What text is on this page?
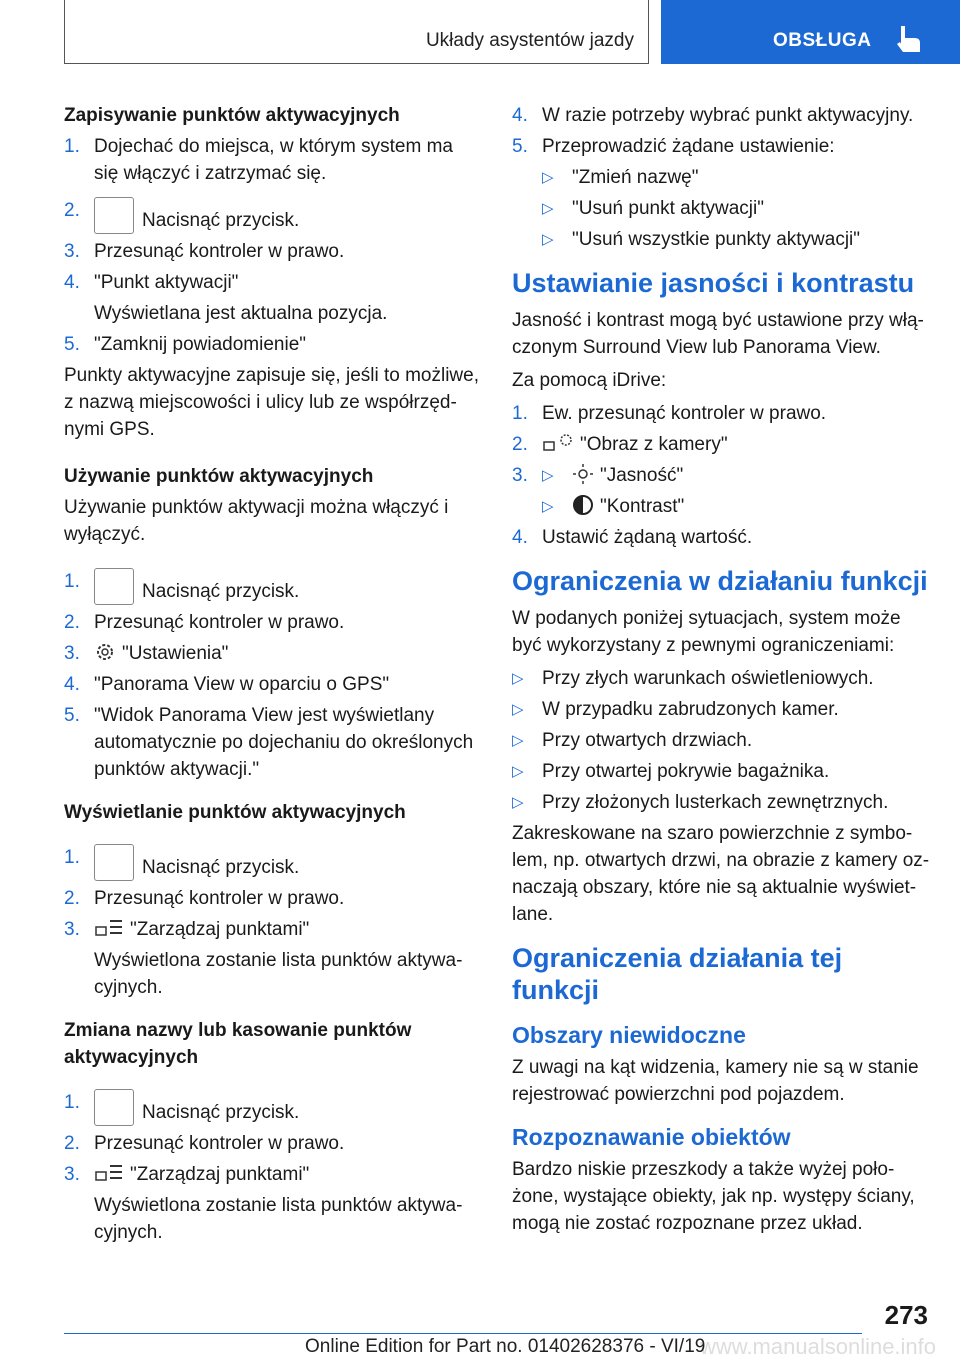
Układy asystentów jazdy	OBSŁUGA
Zapisywanie punktów aktywacyjnych
1. Dojechać do miejsca, w którym system ma się włączyć i zatrzymać się.
2.	Nacisnąć przycisk.
3. Przesunąć kontroler w prawo.
4. "Punkt aktywacji"
Wyświetlana jest aktualna pozycja.
5. "Zamknij powiadomienie"
Punkty aktywacyjne zapisuje się, jeśli to możliwe, z nazwą miejscowości i ulicy lub ze współrzędnymi GPS.
Używanie punktów aktywacyjnych
Używanie punktów aktywacji można włączyć i wyłączyć.
1.	Nacisnąć przycisk.
2. Przesunąć kontroler w prawo.
3.	"Ustawienia"
4. "Panorama View w oparciu o GPS"
5. "Widok Panorama View jest wyświetlany automatycznie po dojechaniu do określonych punktów aktywacji."
Wyświetlanie punktów aktywacyjnych
1.	Nacisnąć przycisk.
2. Przesunąć kontroler w prawo.
3.	"Zarządzaj punktami"
Wyświetlona zostanie lista punktów aktywacyjnych.
Zmiana nazwy lub kasowanie punktów aktywacyjnych
1.	Nacisnąć przycisk.
2. Przesunąć kontroler w prawo.
3.	"Zarządzaj punktami"
Wyświetlona zostanie lista punktów aktywacyjnych.
4. W razie potrzeby wybrać punkt aktywacyjny.
5. Przeprowadzić żądane ustawienie:
▷ "Zmień nazwę"
▷ "Usuń punkt aktywacji"
▷ "Usuń wszystkie punkty aktywacji"
Ustawianie jasności i kontrastu
Jasność i kontrast mogą być ustawione przy włączonym Surround View lub Panorama View.
Za pomocą iDrive:
1. Ew. przesunąć kontroler w prawo.
2.	"Obraz z kamery"
3. ▷	"Jasność"
▷	"Kontrast"
4. Ustawić żądaną wartość.
Ograniczenia w działaniu funkcji
W podanych poniżej sytuacjach, system może być wykorzystany z pewnymi ograniczeniami:
▷ Przy złych warunkach oświetleniowych.
▷ W przypadku zabrudzonych kamer.
▷ Przy otwartych drzwiach.
▷ Przy otwartej pokrywie bagażnika.
▷ Przy złożonych lusterkach zewnętrznych.
Zakreskowane na szaro powierzchnie z symbolem, np. otwartych drzwi, na obrazie z kamery oznaczają obszary, które nie są aktualnie wyświetlane.
Ograniczenia działania tej funkcji
Obszary niewidoczne
Z uwagi na kąt widzenia, kamery nie są w stanie rejestrować powierzchni pod pojazdem.
Rozpoznawanie obiektów
Bardzo niskie przeszkody a także wyżej położone, wystające obiekty, jak np. występy ściany, mogą nie zostać rozpoznane przez układ.
273
www.manualsonline.info
Online Edition for Part no. 01402628376 - VI/19
